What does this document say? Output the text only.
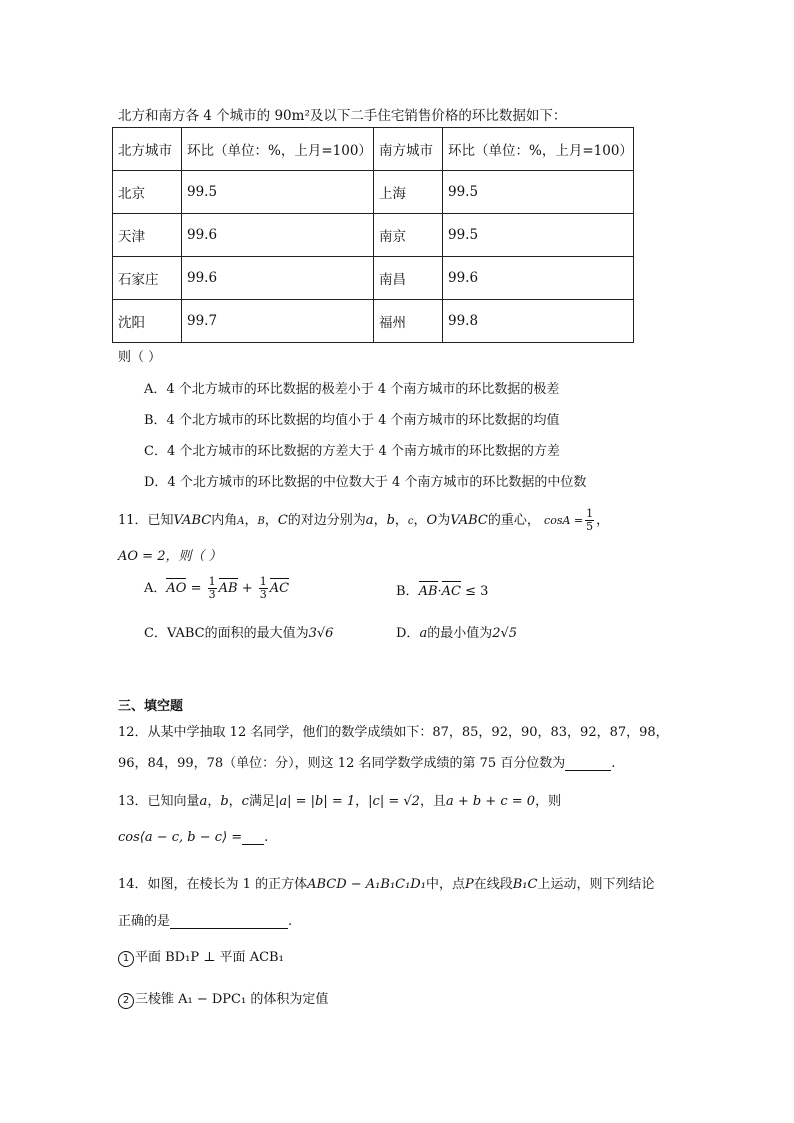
北方和南方各 4 个城市的 90m²及以下二手住宅销售价格的环比数据如下：
北方城市	环比（单位：%，上月=100）	南方城市	环比（单位：%，上月=100）
北京	99.5	上海	99.5
天津	99.6	南京	99.5
石家庄	99.6	南昌	99.6
沈阳	99.7	福州	99.8
则（ ）
A．4 个北方城市的环比数据的极差小于 4 个南方城市的环比数据的极差
B．4 个北方城市的环比数据的均值小于 4 个南方城市的环比数据的均值
C．4 个北方城市的环比数据的方差大于 4 个南方城市的环比数据的方差
D．4 个北方城市的环比数据的中位数大于 4 个南方城市的环比数据的中位数
11．已知VABC内角A，B，C的对边分别为a，b，c，O为VABC的重心， $\cos A = \frac{1}{5}$ ，
AO = 2，则（ ）
A．AO = $\frac{1}{3}$ AB + $\frac{1}{3}$ AC	B．AB·AC ≤ 3
C．VABC的面积的最大值为3√6	D．a的最小值为2√5
三、填空题
12．从某中学抽取 12 名同学，他们的数学成绩如下：87，85，92，90，83，92，87，98，
96，84，99，78（单位：分），则这 12 名同学数学成绩的第 75 百分位数为	.
13．已知向量a，b，c满足|a| = |b| = 1，|c| = √2，且a + b + c = 0，则
cos⟨a − c, b − c⟩ = .
14．如图，在棱长为 1 的正方体ABCD − A₁B₁C₁D₁中，点P在线段B₁C上运动，则下列结论
正确的是	.
1 平面 BD₁P ⊥ 平面 ACB₁
2 三棱锥 A₁ − DPC₁ 的体积为定值
